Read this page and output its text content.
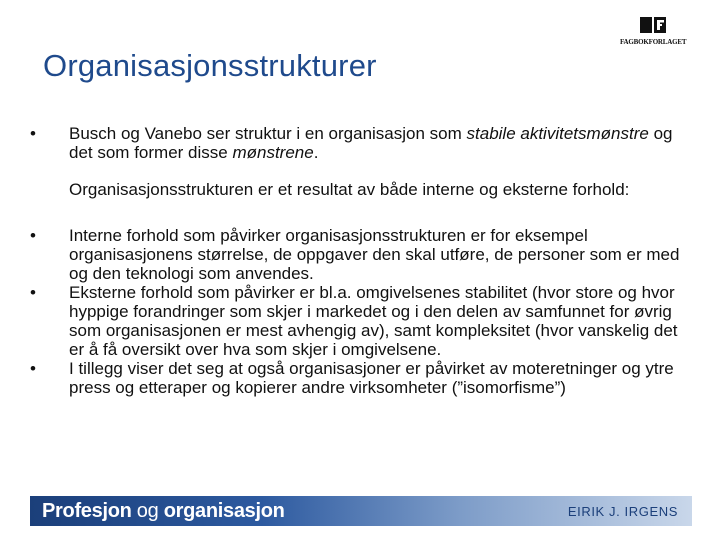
FAGBOKFORLAGET
Organisasjonsstrukturer
•	Busch og Vanebo ser struktur i en organisasjon som stabile aktivitetsmønstre og det som former disse mønstrene.
Organisasjonsstrukturen er et resultat av både interne og eksterne forhold:
•	Interne forhold som påvirker organisasjonsstrukturen er for eksempel organisasjonens størrelse, de oppgaver den skal utføre, de personer som er med og den teknologi som anvendes.
•	Eksterne forhold som påvirker er bl.a. omgivelsenes stabilitet (hvor store og hvor hyppige forandringer som skjer i markedet og i den delen av samfunnet for øvrig som organisasjonen er mest avhengig av), samt kompleksitet (hvor vanskelig det er å få oversikt over hva som skjer i omgivelsene.
•	I tillegg viser det seg at også organisasjoner er påvirket av moteretninger og ytre press og etteraper og kopierer andre virksomheter (”isomorfisme”)
Profesjon og organisasjon	EIRIK J. IRGENS
